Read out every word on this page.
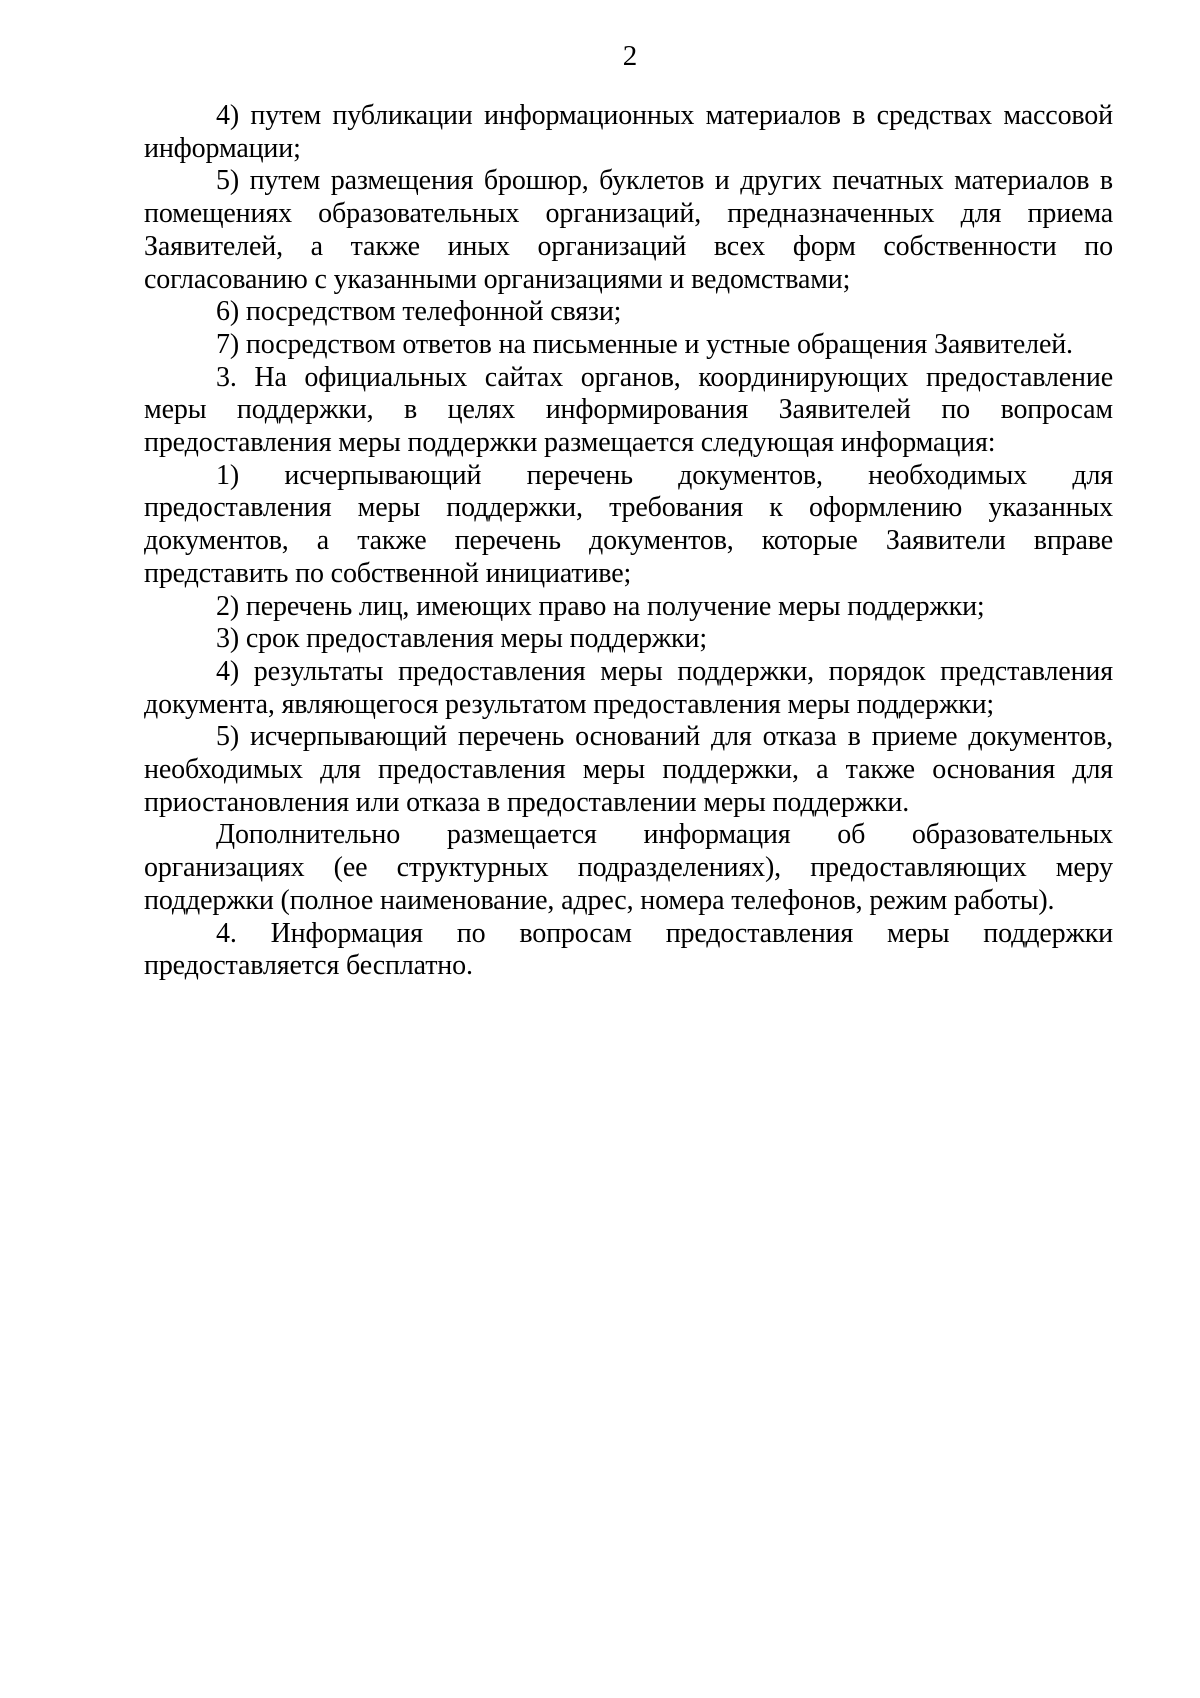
2

4) путем публикации информационных материалов в средствах массовой информации;

5) путем размещения брошюр, буклетов и других печатных материалов в помещениях образовательных организаций, предназначенных для приема Заявителей, а также иных организаций всех форм собственности по согласованию с указанными организациями и ведомствами;

6) посредством телефонной связи;

7) посредством ответов на письменные и устные обращения Заявителей.

3. На официальных сайтах органов, координирующих предоставление меры поддержки, в целях информирования Заявителей по вопросам предоставления меры поддержки размещается следующая информация:

1) исчерпывающий перечень документов, необходимых для предоставления меры поддержки, требования к оформлению указанных документов, а также перечень документов, которые Заявители вправе представить по собственной инициативе;

2) перечень лиц, имеющих право на получение меры поддержки;

3) срок предоставления меры поддержки;

4) результаты предоставления меры поддержки, порядок представления документа, являющегося результатом предоставления меры поддержки;

5) исчерпывающий перечень оснований для отказа в приеме документов, необходимых для предоставления меры поддержки, а также основания для приостановления или отказа в предоставлении меры поддержки.

Дополнительно размещается информация об образовательных организациях (ее структурных подразделениях), предоставляющих меру поддержки (полное наименование, адрес, номера телефонов, режим работы).

4. Информация по вопросам предоставления меры поддержки предоставляется бесплатно.
